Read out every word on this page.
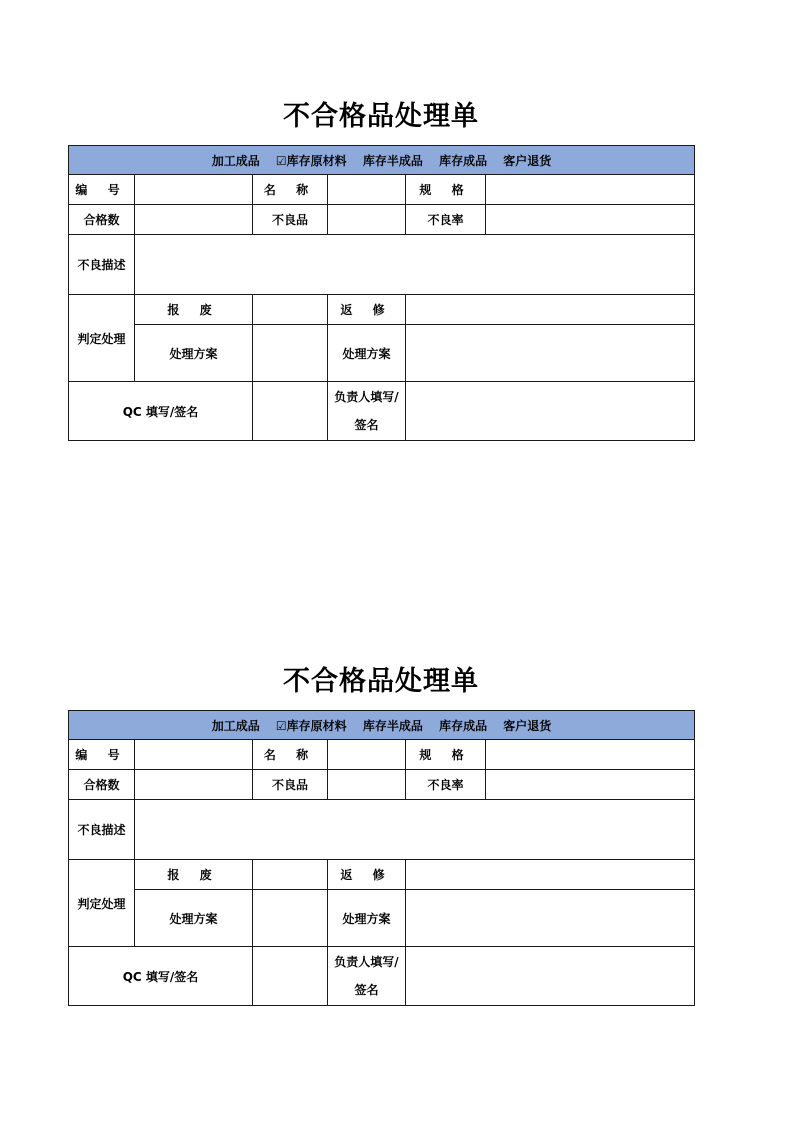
不合格品处理单
加工成品 ☑库存原材料 库存半成品 库存成品 客户退货					
编 号		名 称		规 格	
合格数		不良品		不良率	
不良描述					
判定处理	报 废		返 修		
	处理方案		处理方案		
QC 填写/签名			负责人填写/
签名		

不合格品处理单
加工成品 ☑库存原材料 库存半成品 库存成品 客户退货					
编 号		名 称		规 格	
合格数		不良品		不良率	
不良描述					
判定处理	报 废		返 修		
	处理方案		处理方案		
QC 填写/签名			负责人填写/
签名		
